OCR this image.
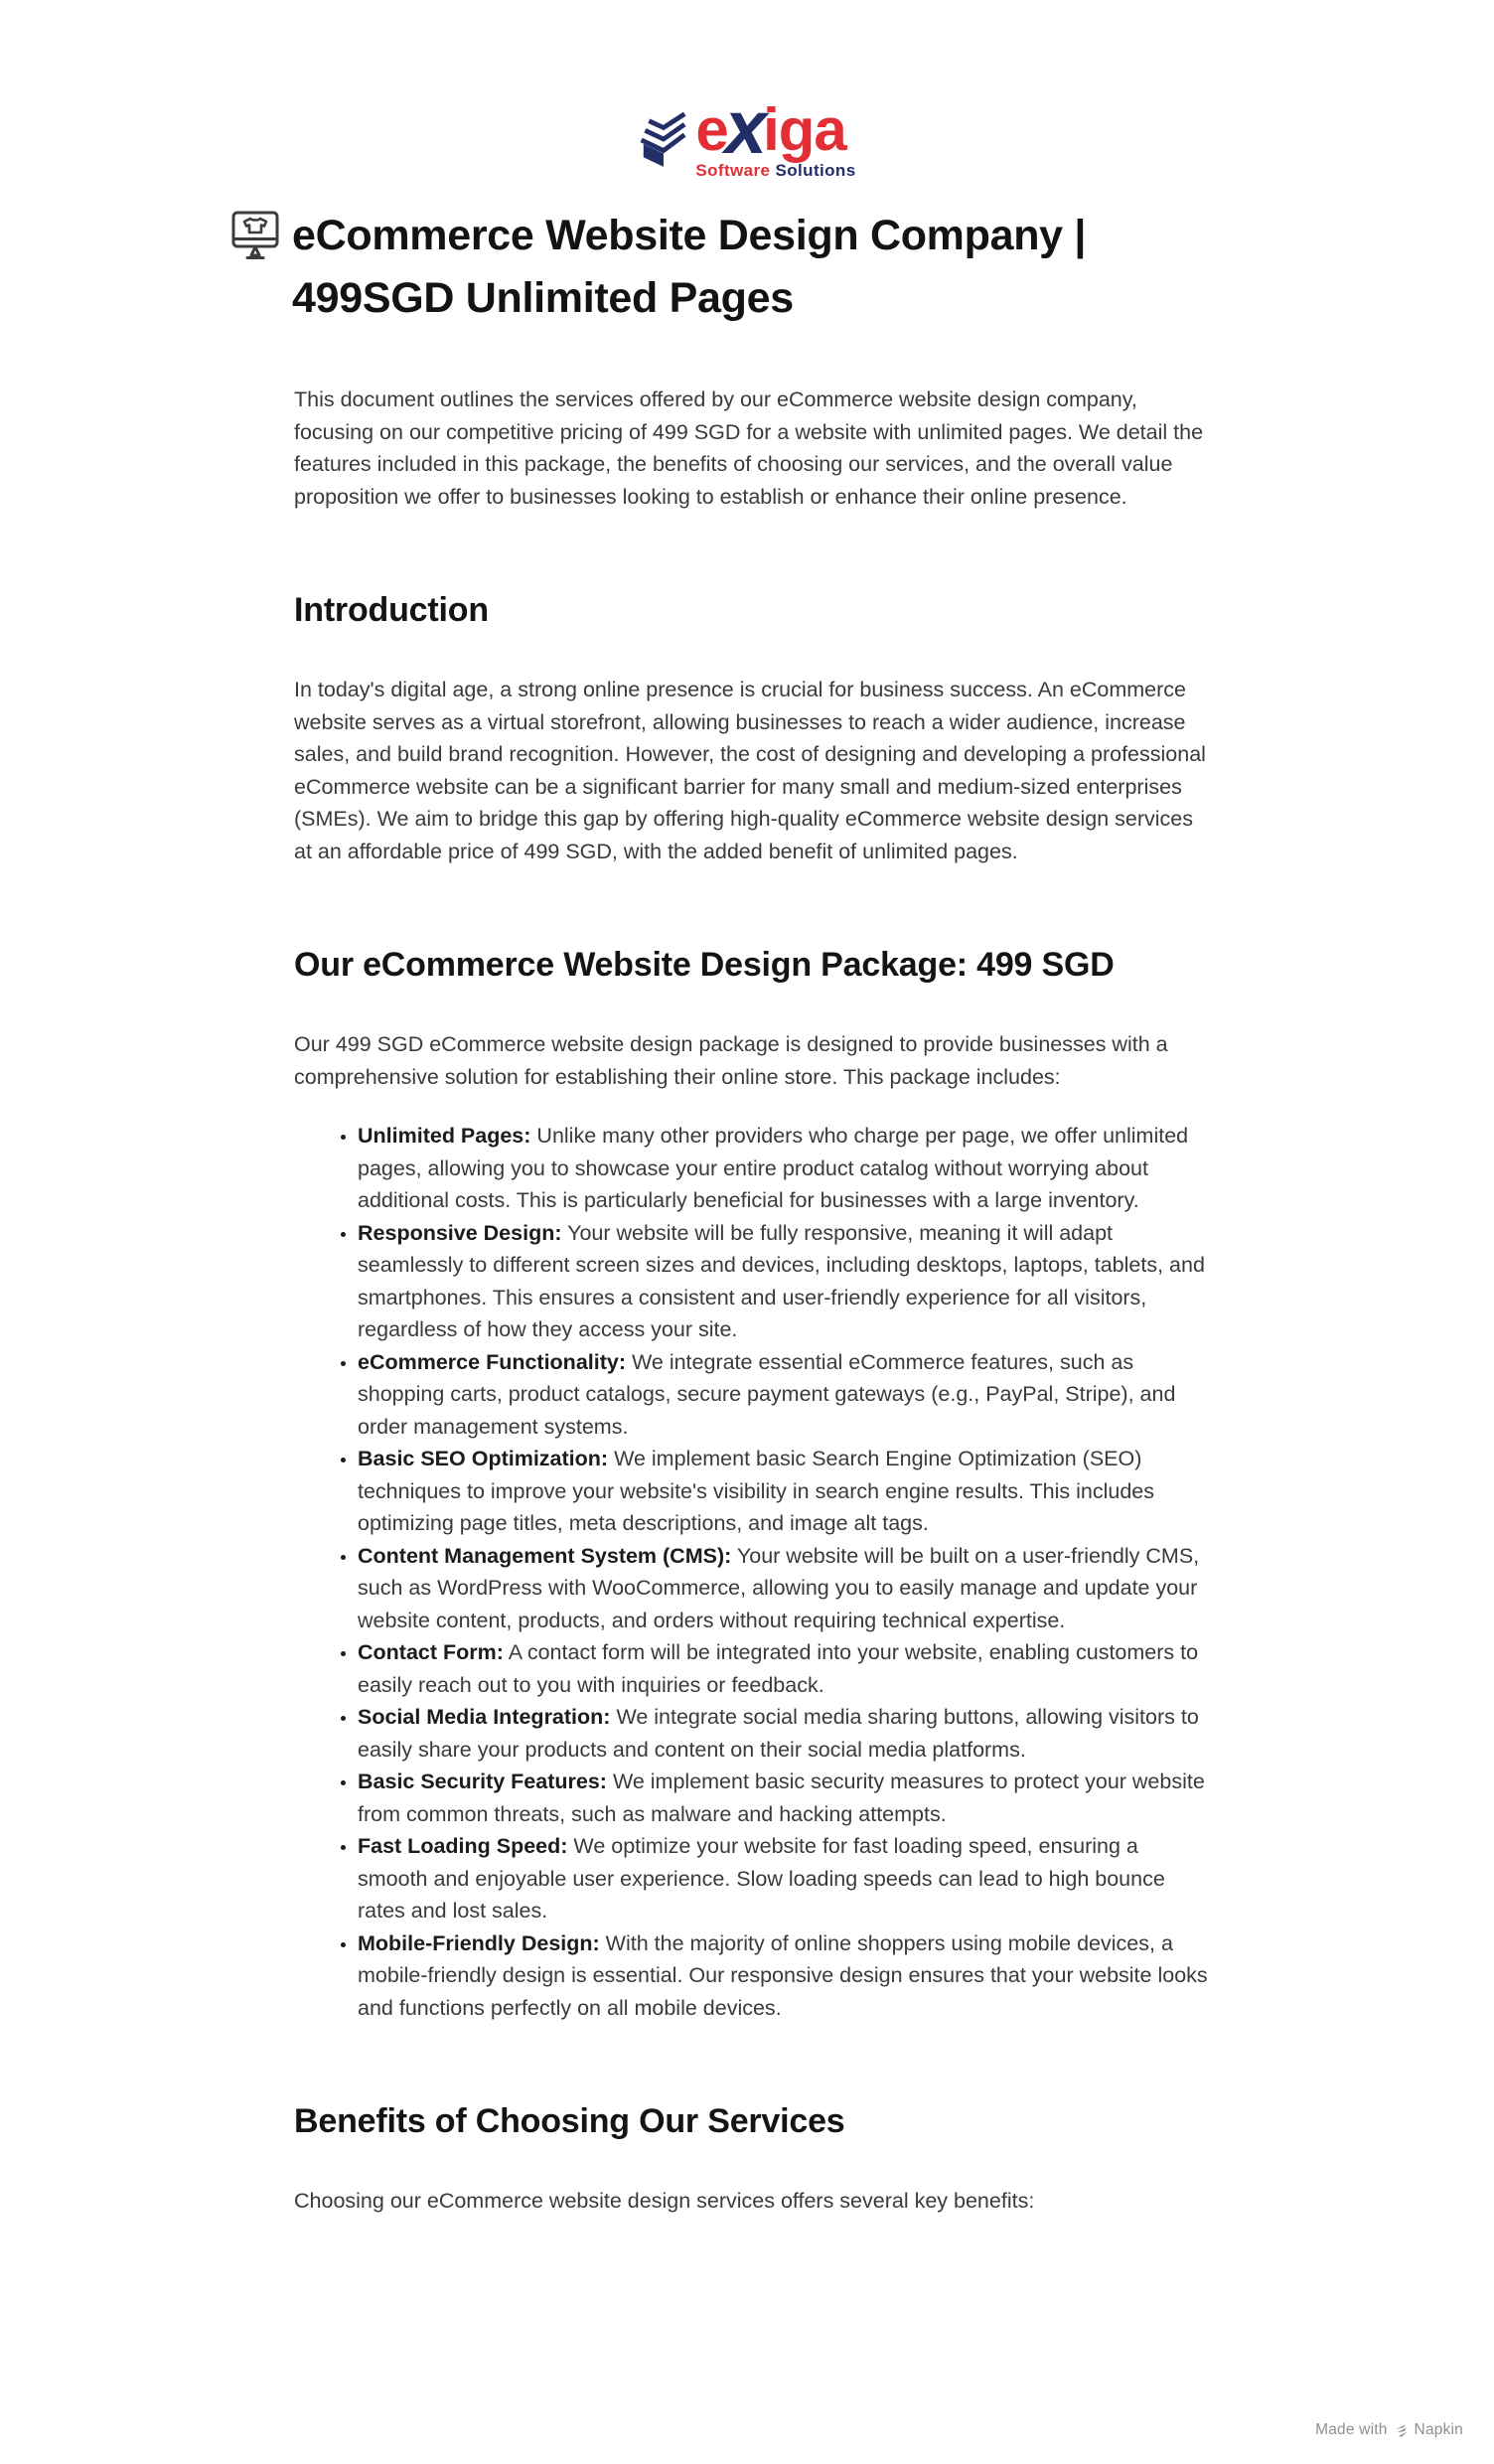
exiga
Software Solutions
eCommerce Website Design Company |
499SGD Unlimited Pages

This document outlines the services offered by our eCommerce website design company, focusing on our competitive pricing of 499 SGD for a website with unlimited pages. We detail the features included in this package, the benefits of choosing our services, and the overall value proposition we offer to businesses looking to establish or enhance their online presence.

Introduction

In today's digital age, a strong online presence is crucial for business success. An eCommerce website serves as a virtual storefront, allowing businesses to reach a wider audience, increase sales, and build brand recognition. However, the cost of designing and developing a professional eCommerce website can be a significant barrier for many small and medium-sized enterprises (SMEs). We aim to bridge this gap by offering high-quality eCommerce website design services at an affordable price of 499 SGD, with the added benefit of unlimited pages.

Our eCommerce Website Design Package: 499 SGD

Our 499 SGD eCommerce website design package is designed to provide businesses with a comprehensive solution for establishing their online store. This package includes:

• Unlimited Pages: Unlike many other providers who charge per page, we offer unlimited pages, allowing you to showcase your entire product catalog without worrying about additional costs. This is particularly beneficial for businesses with a large inventory.
• Responsive Design: Your website will be fully responsive, meaning it will adapt seamlessly to different screen sizes and devices, including desktops, laptops, tablets, and smartphones. This ensures a consistent and user-friendly experience for all visitors, regardless of how they access your site.
• eCommerce Functionality: We integrate essential eCommerce features, such as shopping carts, product catalogs, secure payment gateways (e.g., PayPal, Stripe), and order management systems.
• Basic SEO Optimization: We implement basic Search Engine Optimization (SEO) techniques to improve your website's visibility in search engine results. This includes optimizing page titles, meta descriptions, and image alt tags.
• Content Management System (CMS): Your website will be built on a user-friendly CMS, such as WordPress with WooCommerce, allowing you to easily manage and update your website content, products, and orders without requiring technical expertise.
• Contact Form: A contact form will be integrated into your website, enabling customers to easily reach out to you with inquiries or feedback.
• Social Media Integration: We integrate social media sharing buttons, allowing visitors to easily share your products and content on their social media platforms.
• Basic Security Features: We implement basic security measures to protect your website from common threats, such as malware and hacking attempts.
• Fast Loading Speed: We optimize your website for fast loading speed, ensuring a smooth and enjoyable user experience. Slow loading speeds can lead to high bounce rates and lost sales.
• Mobile-Friendly Design: With the majority of online shoppers using mobile devices, a mobile-friendly design is essential. Our responsive design ensures that your website looks and functions perfectly on all mobile devices.
Benefits of Choosing Our Services

Choosing our eCommerce website design services offers several key benefits:

Made with Napkin
